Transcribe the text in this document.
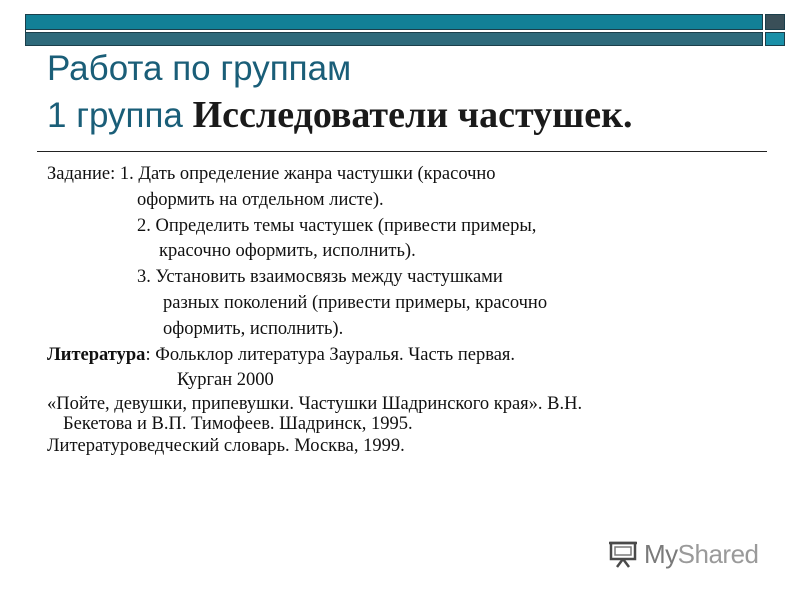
Работа по группам
1 группа Исследователи частушек.
Задание: 1. Дать определение жанра частушки (красочно
оформить на отдельном листе).
2. Определить темы частушек (привести примеры,
красочно оформить, исполнить).
3. Установить взаимосвязь между частушками
разных поколений (привести примеры, красочно
оформить, исполнить).
Литература: Фольклор литература Зауралья. Часть первая.
Курган 2000
«Пойте, девушки, припевушки. Частушки Шадринского края». В.Н.
Бекетова и В.П. Тимофеев. Шадринск, 1995.
Литературоведческий словарь. Москва, 1999.
MyShared
